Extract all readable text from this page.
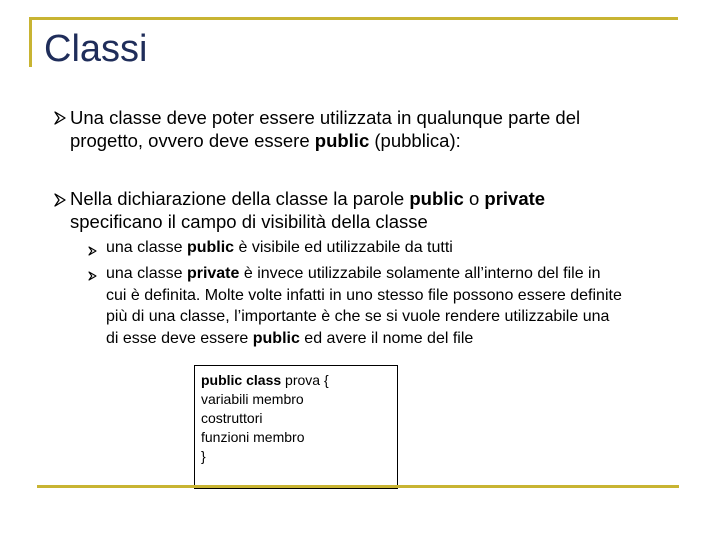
Classi
Una classe deve poter essere utilizzata in qualunque parte del
progetto, ovvero deve essere public (pubblica):
Nella dichiarazione della classe la parole public o private
specificano il campo di visibilità della classe
una classe public è visibile ed utilizzabile da tutti
una classe private è invece utilizzabile solamente all’interno del file in
cui è definita. Molte volte infatti in uno stesso file possono essere definite
più di una classe, l’importante è che se si vuole rendere utilizzabile una
di esse deve essere public ed avere il nome del file
public class prova {
variabili membro
costruttori
funzioni membro
}
